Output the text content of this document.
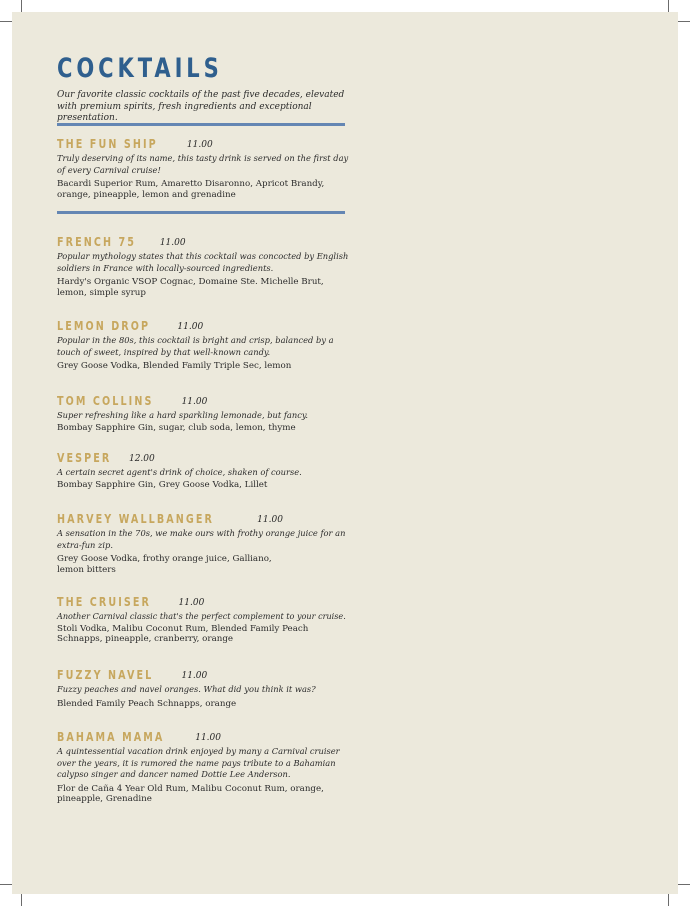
COCKTAILS
Our favorite classic cocktails of the past five decades, elevated with premium spirits, fresh ingredients and exceptional presentation.
THE FUN SHIP	11.00
Truly deserving of its name, this tasty drink is served on the first day of every Carnival cruise!
Bacardi Superior Rum, Amaretto Disaronno, Apricot Brandy, orange, pineapple, lemon and grenadine
FRENCH 75	11.00
Popular mythology states that this cocktail was concocted by English soldiers in France with locally-sourced ingredients.
Hardy's Organic VSOP Cognac, Domaine Ste. Michelle Brut, lemon, simple syrup
LEMON DROP	11.00
Popular in the 80s, this cocktail is bright and crisp, balanced by a touch of sweet, inspired by that well-known candy.
Grey Goose Vodka, Blended Family Triple Sec, lemon
TOM COLLINS	11.00
Super refreshing like a hard sparkling lemonade, but fancy.
Bombay Sapphire Gin, sugar, club soda, lemon, thyme
VESPER 12.00
A certain secret agent's drink of choice, shaken of course.
Bombay Sapphire Gin, Grey Goose Vodka, Lillet
HARVEY WALLBANGER	11.00
A sensation in the 70s, we make ours with frothy orange juice for an extra-fun zip.
Grey Goose Vodka, frothy orange juice, Galliano, lemon bitters
THE CRUISER	11.00
Another Carnival classic that's the perfect complement to your cruise.
Stoli Vodka, Malibu Coconut Rum, Blended Family Peach Schnapps, pineapple, cranberry, orange
FUZZY NAVEL	11.00
Fuzzy peaches and navel oranges. What did you think it was?
Blended Family Peach Schnapps, orange
BAHAMA MAMA	11.00
A quintessential vacation drink enjoyed by many a Carnival cruiser over the years, it is rumored the name pays tribute to a Bahamian calypso singer and dancer named Dottie Lee Anderson.
Flor de Caña 4 Year Old Rum, Malibu Coconut Rum, orange, pineapple, Grenadine
